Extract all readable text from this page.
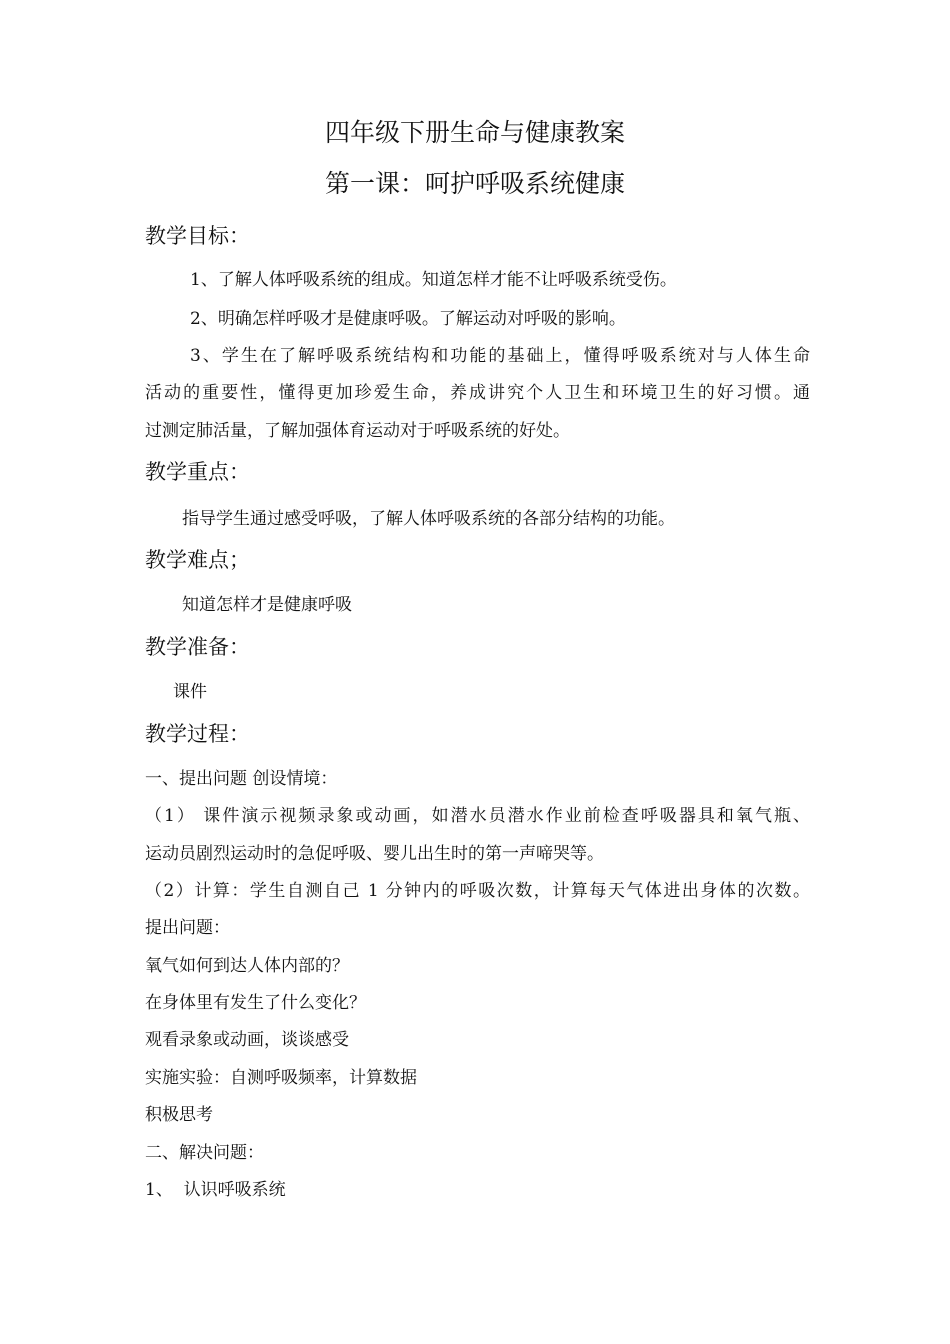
四年级下册生命与健康教案
第一课：呵护呼吸系统健康
教学目标：
1、了解人体呼吸系统的组成。知道怎样才能不让呼吸系统受伤。
2、明确怎样呼吸才是健康呼吸。了解运动对呼吸的影响。
3、学生在了解呼吸系统结构和功能的基础上，懂得呼吸系统对与人体生命
活动的重要性，懂得更加珍爱生命，养成讲究个人卫生和环境卫生的好习惯。通
过测定肺活量，了解加强体育运动对于呼吸系统的好处。
教学重点：
指导学生通过感受呼吸，了解人体呼吸系统的各部分结构的功能。
教学难点；
知道怎样才是健康呼吸
教学准备：
课件
教学过程：
一、提出问题 创设情境：
（1） 课件演示视频录象或动画，如潜水员潜水作业前检查呼吸器具和氧气瓶、
运动员剧烈运动时的急促呼吸、婴儿出生时的第一声啼哭等。
（2）计算：学生自测自己 1 分钟内的呼吸次数，计算每天气体进出身体的次数。
提出问题：
氧气如何到达人体内部的？
在身体里有发生了什么变化？
观看录象或动画，谈谈感受
实施实验：自测呼吸频率，计算数据
积极思考
二、解决问题：
1、  认识呼吸系统
